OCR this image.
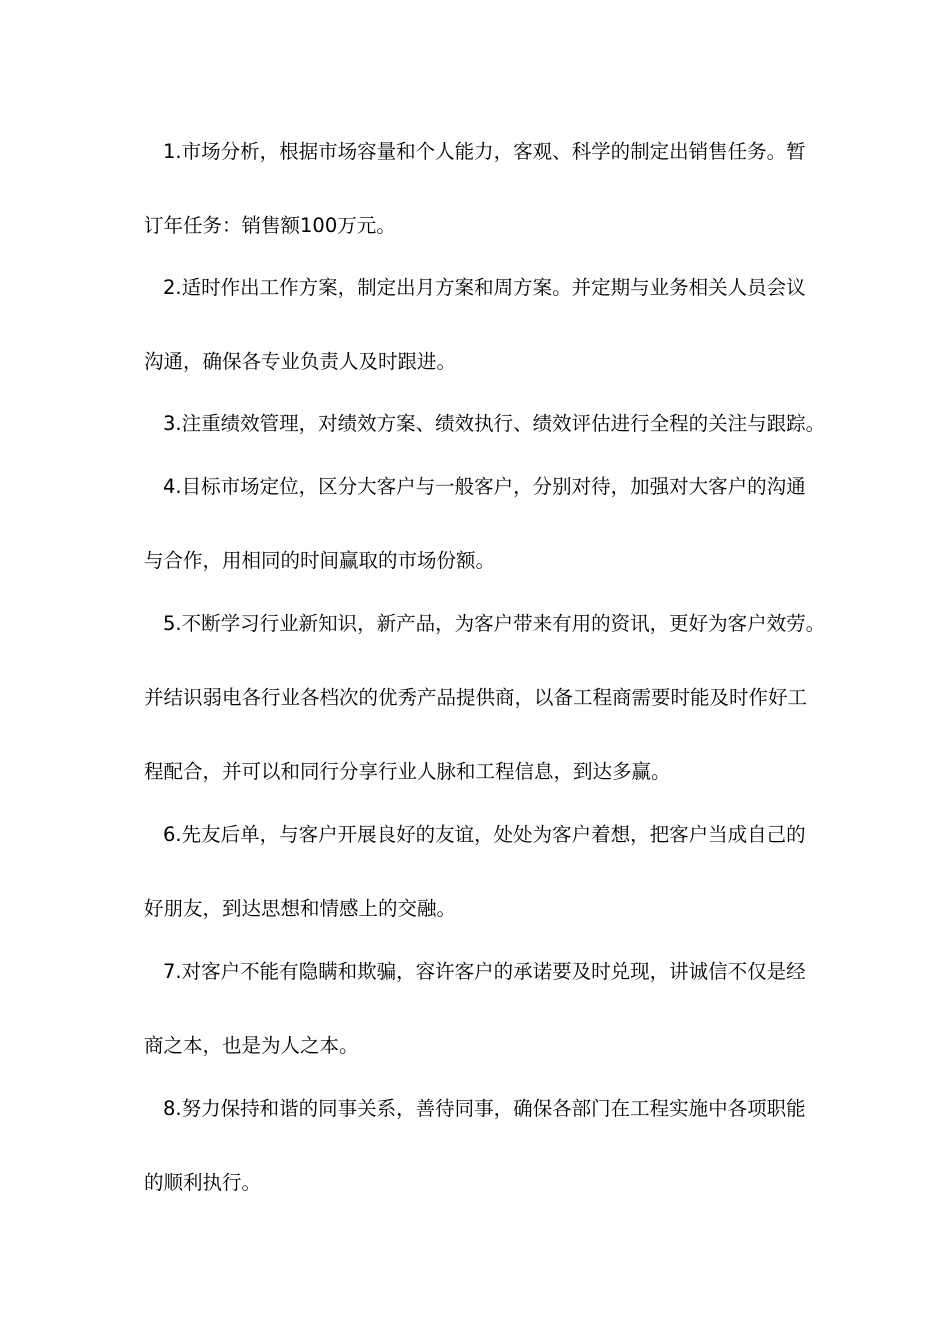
1.市场分析，根据市场容量和个人能力，客观、科学的制定出销售任务。暂
订年任务：销售额100万元。
2.适时作出工作方案，制定出月方案和周方案。并定期与业务相关人员会议
沟通，确保各专业负责人及时跟进。
3.注重绩效管理，对绩效方案、绩效执行、绩效评估进行全程的关注与跟踪。
4.目标市场定位，区分大客户与一般客户，分别对待，加强对大客户的沟通
与合作，用相同的时间赢取的市场份额。
5.不断学习行业新知识，新产品，为客户带来有用的资讯，更好为客户效劳。
并结识弱电各行业各档次的优秀产品提供商，以备工程商需要时能及时作好工
程配合，并可以和同行分享行业人脉和工程信息，到达多赢。
6.先友后单，与客户开展良好的友谊，处处为客户着想，把客户当成自己的
好朋友，到达思想和情感上的交融。
7.对客户不能有隐瞒和欺骗，容许客户的承诺要及时兑现，讲诚信不仅是经
商之本，也是为人之本。
8.努力保持和谐的同事关系，善待同事，确保各部门在工程实施中各项职能
的顺利执行。
